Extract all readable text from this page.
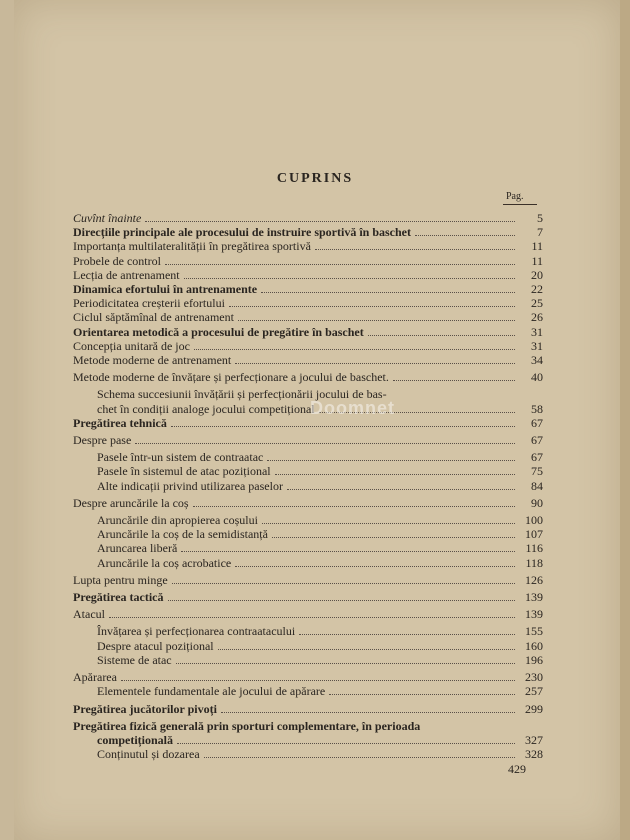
CUPRINS
Pag.
Cuvînt înainte	5
Direcțiile principale ale procesului de instruire sportivă în baschet	7
Importanța multilateralității în pregătirea sportivă	11
Probele de control	11
Lecția de antrenament	20
Dinamica efortului în antrenamente	22
Periodicitatea creșterii efortului	25
Ciclul săptămînal de antrenament	26
Orientarea metodică a procesului de pregătire în baschet	31
Concepția unitară de joc	31
Metode moderne de antrenament	34
Metode moderne de învățare și perfecționare a jocului de baschet.	40
Schema succesiunii învățării și perfecționării jocului de bas-
chet în condiții analoge jocului competițional	58
Pregătirea tehnică	67
Despre pase	67
Pasele într-un sistem de contraatac	67
Pasele în sistemul de atac pozițional	75
Alte indicații privind utilizarea paselor	84
Despre aruncările la coș	90
Aruncările din apropierea coșului	100
Aruncările la coș de la semidistanță	107
Aruncarea liberă	116
Aruncările la coș acrobatice	118
Lupta pentru minge	126
Pregătirea tactică	139
Atacul	139
Învățarea și perfecționarea contraatacului	155
Despre atacul pozițional	160
Sisteme de atac	196
Apărarea	230
Elementele fundamentale ale jocului de apărare	257
Pregătirea jucătorilor pivoți	299
Pregătirea fizică generală prin sporturi complementare, în perioada
competițională	327
Conținutul și dozarea	328
Doomnet
429
